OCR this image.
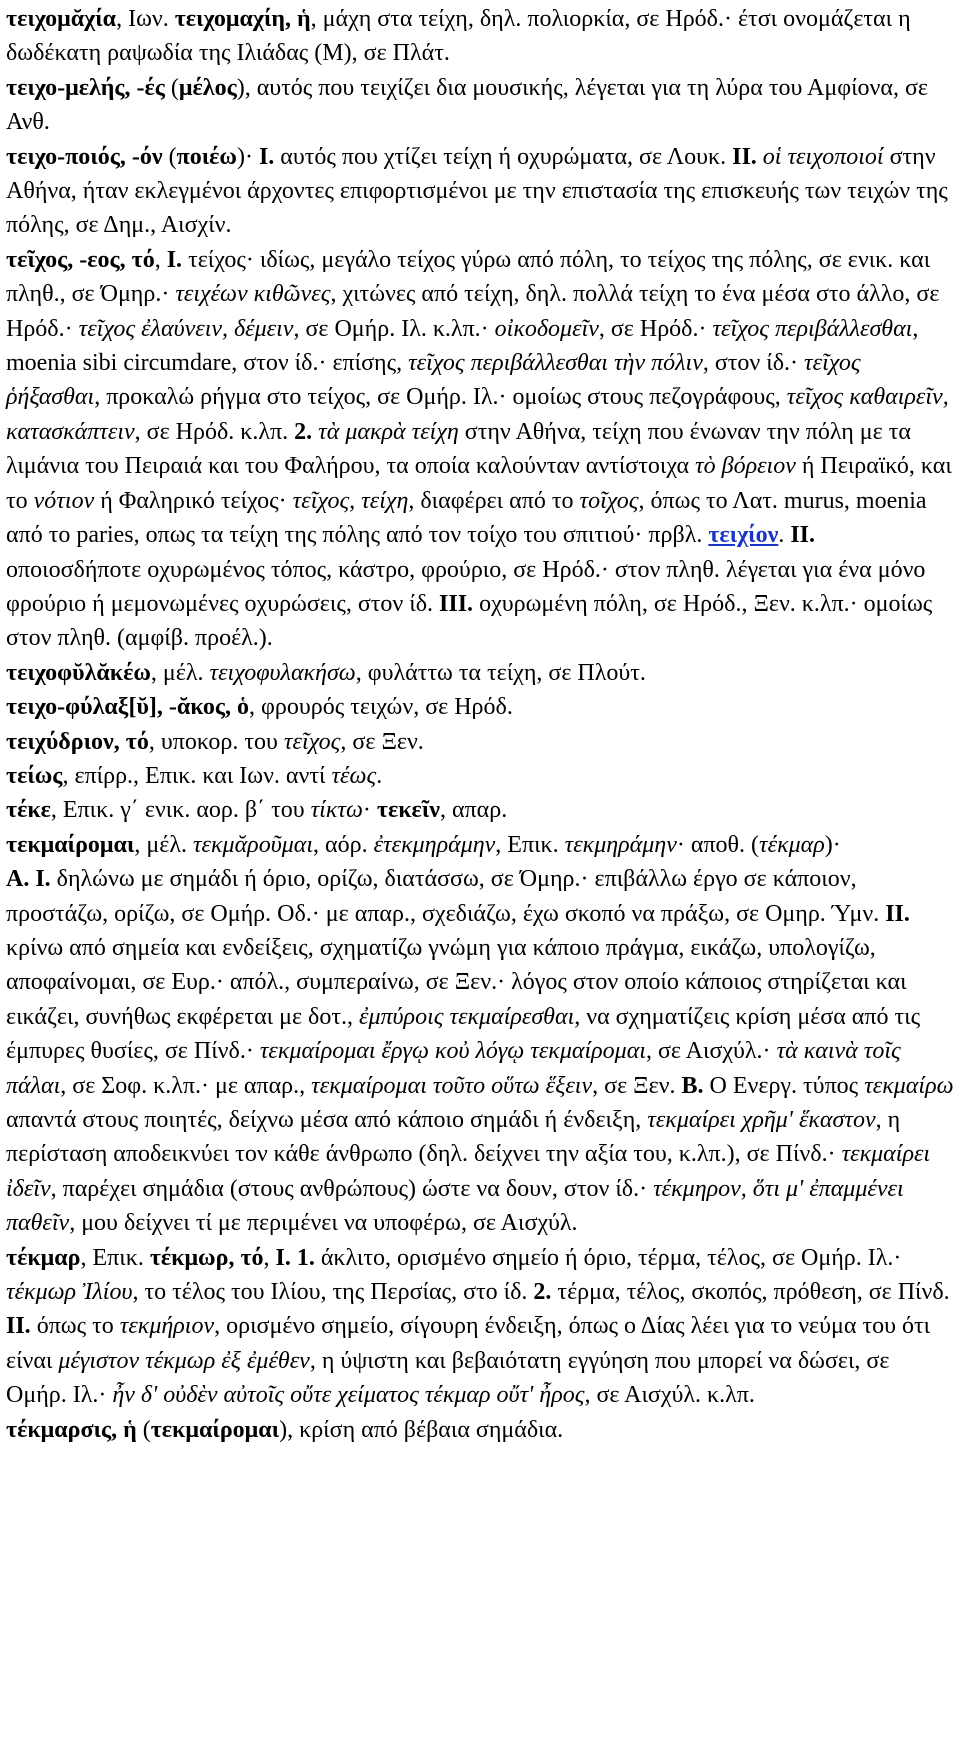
τειχομᾰχία, Ιων. τειχομαχίη, ἡ, μάχη στα τείχη, δηλ. πολιορκία, σε Ηρόδ.· έτσι ονομάζεται η δωδέκατη ραψωδία της Ιλιάδας (Μ), σε Πλάτ.
τειχο-μελής, -ές (μέλος), αυτός που τειχίζει δια μουσικής, λέγεται για τη λύρα του Αμφίονα, σε Ανθ.
τειχο-ποιός, -όν (ποιέω)· I. αυτός που χτίζει τείχη ή οχυρώματα, σε Λουκ. II. οἱ τειχοποιοί στην Αθήνα, ήταν εκλεγμένοι άρχοντες επιφορτισμένοι με την επιστασία της επισκευής των τειχών της πόλης, σε Δημ., Αισχίν.
τεῖχος, -εος, τό, I. τείχος· ιδίως, μεγάλο τείχος γύρω από πόλη, το τείχος της πόλης, σε ενικ. και πληθ., σε Όμηρ.· τειχέων κιθῶνες, χιτώνες από τείχη, δηλ. πολλά τείχη το ένα μέσα στο άλλο, σε Ηρόδ.· τεῖχος ἐλαύνειν, δέμειν, σε Ομήρ. Ιλ. κ.λπ.· οἰκοδομεῖν, σε Ηρόδ.· τεῖχος περιβάλλεσθαι, moenia sibi circumdare, στον ίδ.· επίσης, τεῖχος περιβάλλεσθαι τὴν πόλιν, στον ίδ.· τεῖχος ῥήξασθαι, προκαλώ ρήγμα στο τείχος, σε Ομήρ. Ιλ.· ομοίως στους πεζογράφους, τεῖχος καθαιρεῖν, κατασκάπτειν, σε Ηρόδ. κ.λπ. 2. τὰ μακρὰ τείχη στην Αθήνα, τείχη που ένωναν την πόλη με τα λιμάνια του Πειραιά και του Φαλήρου, τα οποία καλούνταν αντίστοιχα τὸ βόρειον ή Πειραϊκό, και το νότιον ή Φαληρικό τείχος· τεῖχος, τείχη, διαφέρει από το τοῖχος, όπως το Λατ. murus, moenia από το paries, οπως τα τείχη της πόλης από τον τοίχο του σπιτιού· πρβλ. τειχίον. II. οποιοσδήποτε οχυρωμένος τόπος, κάστρο, φρούριο, σε Ηρόδ.· στον πληθ. λέγεται για ένα μόνο φρούριο ή μεμονωμένες οχυρώσεις, στον ίδ. III. οχυρωμένη πόλη, σε Ηρόδ., Ξεν. κ.λπ.· ομοίως στον πληθ. (αμφίβ. προέλ.).
τειχοφῠλᾰκέω, μέλ. τειχοφυλακήσω, φυλάττω τα τείχη, σε Πλούτ.
τειχο-φύλαξ[ῠ], -ᾰκος, ὁ, φρουρός τειχών, σε Ηρόδ.
τειχύδριον, τό, υποκορ. του τεῖχος, σε Ξεν.
τείως, επίρρ., Επικ. και Ιων. αντί τέως.
τέκε, Επικ. γ΄ ενικ. αορ. β΄ του τίκτω· τεκεῖν, απαρ.
τεκμαίρομαι, μέλ. τεκμᾰροῦμαι, αόρ. ἐτεκμηράμην, Επικ. τεκμηράμην· αποθ. (τέκμαρ)·
A. I. δηλώνω με σημάδι ή όριο, ορίζω, διατάσσω, σε Όμηρ.· επιβάλλω έργο σε κάποιον, προστάζω, ορίζω, σε Ομήρ. Οδ.· με απαρ., σχεδιάζω, έχω σκοπό να πράξω, σε Ομηρ. Ύμν. II. κρίνω από σημεία και ενδείξεις, σχηματίζω γνώμη για κάποιο πράγμα, εικάζω, υπολογίζω, αποφαίνομαι, σε Ευρ.· απόλ., συμπεραίνω, σε Ξεν.· λόγος στον οποίο κάποιος στηρίζεται και εικάζει, συνήθως εκφέρεται με δοτ., ἐμπύροις τεκμαίρεσθαι, να σχηματίζεις κρίση μέσα από τις έμπυρες θυσίες, σε Πίνδ.· τεκμαίρομαι ἔργῳ κοὐ λόγῳ τεκμαίρομαι, σε Αισχύλ.· τὰ καινὰ τοῖς πάλαι, σε Σοφ. κ.λπ.· με απαρ., τεκμαίρομαι τοῦτο οὕτω ἕξειν, σε Ξεν. B. Ο Ενεργ. τύπος τεκμαίρω απαντά στους ποιητές, δείχνω μέσα από κάποιο σημάδι ή ένδειξη, τεκμαίρει χρῆμ' ἕκαστον, η περίσταση αποδεικνύει τον κάθε άνθρωπο (δηλ. δείχνει την αξία του, κ.λπ.), σε Πίνδ.· τεκμαίρει ἰδεῖν, παρέχει σημάδια (στους ανθρώπους) ώστε να δουν, στον ίδ.· τέκμηρον, ὅτι μ' ἐπαμμένει παθεῖν, μου δείχνει τί με περιμένει να υποφέρω, σε Αισχύλ.
τέκμαρ, Επικ. τέκμωρ, τό, I. 1. άκλιτο, ορισμένο σημείο ή όριο, τέρμα, τέλος, σε Ομήρ. Ιλ.· τέκμωρ Ἰλίου, το τέλος του Ιλίου, της Περσίας, στο ίδ. 2. τέρμα, τέλος, σκοπός, πρόθεση, σε Πίνδ. II. όπως το τεκμήριον, ορισμένο σημείο, σίγουρη ένδειξη, όπως ο Δίας λέει για το νεύμα του ότι είναι μέγιστον τέκμωρ ἐξ ἐμέθεν, η ύψιστη και βεβαιότατη εγγύηση που μπορεί να δώσει, σε Ομήρ. Ιλ.· ἦν δ' οὐδὲν αὐτοῖς οὔτε χείματος τέκμαρ οὔτ' ἦρος, σε Αισχύλ. κ.λπ.
τέκμαρσις, ἡ (τεκμαίρομαι), κρίση από βέβαια σημάδια.
